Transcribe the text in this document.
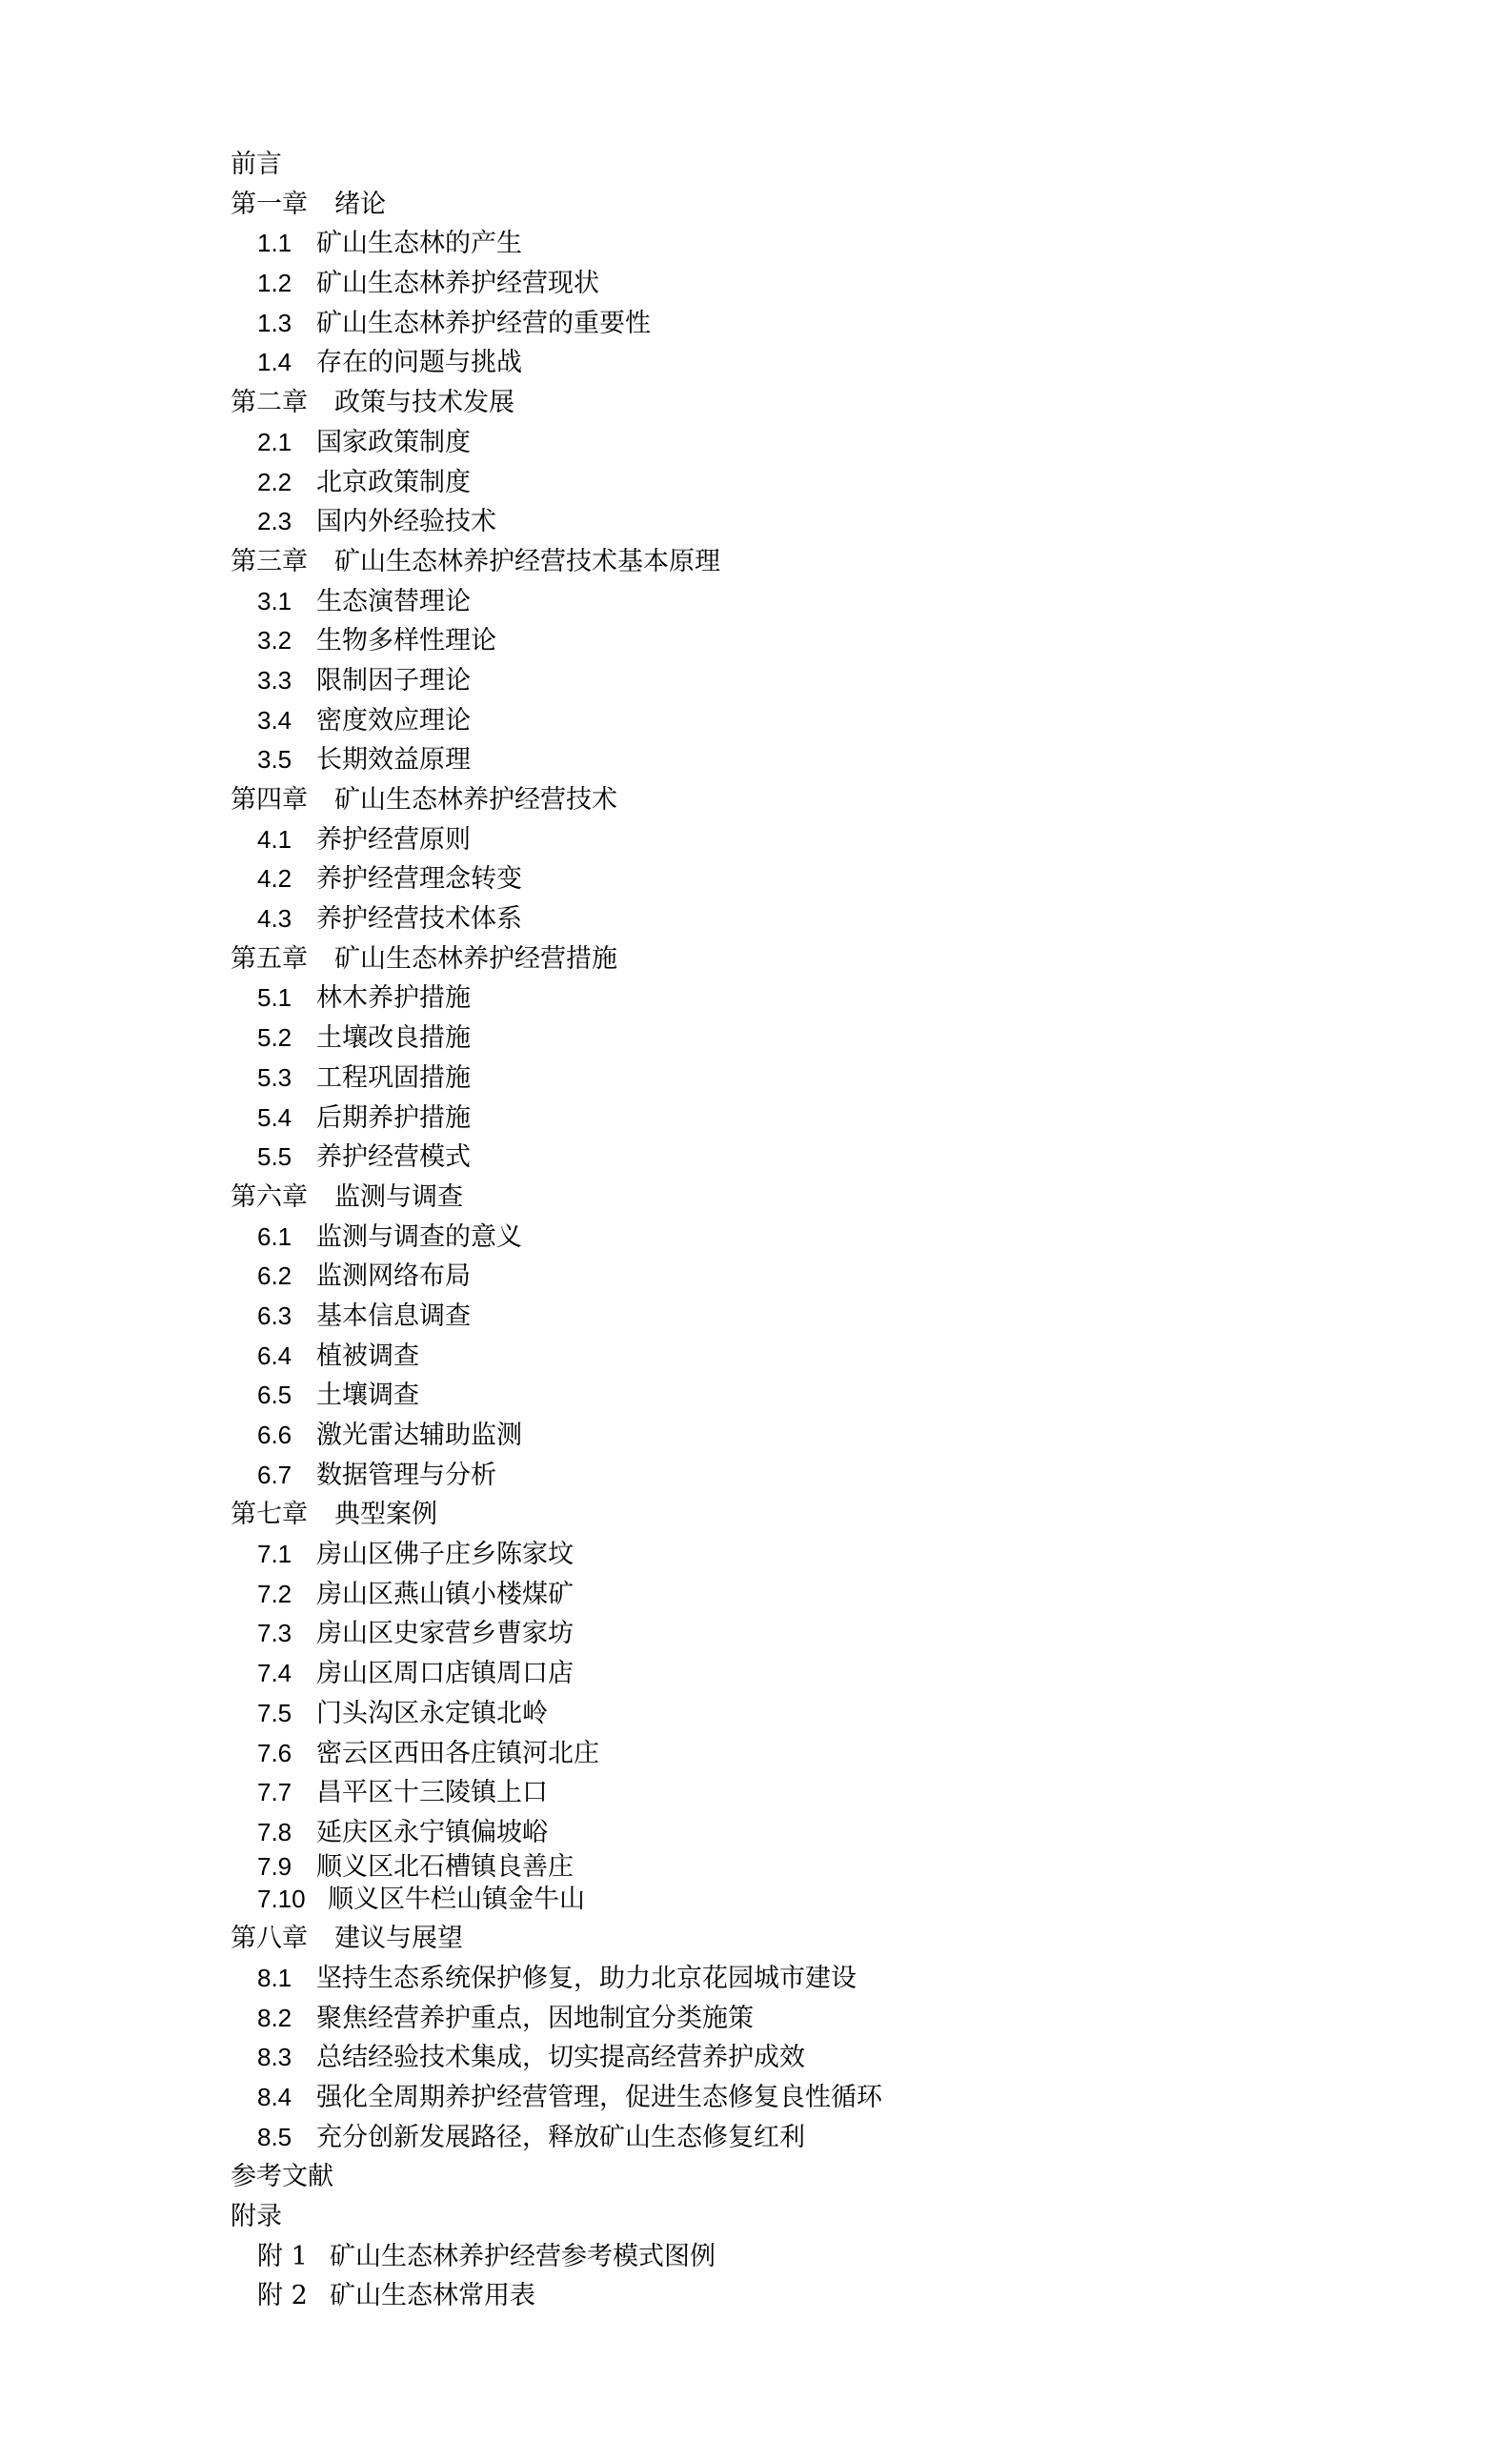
前言
第一章 绪论
1.1 矿山生态林的产生
1.2 矿山生态林养护经营现状
1.3 矿山生态林养护经营的重要性
1.4 存在的问题与挑战
第二章 政策与技术发展
2.1 国家政策制度
2.2 北京政策制度
2.3 国内外经验技术
第三章 矿山生态林养护经营技术基本原理
3.1 生态演替理论
3.2 生物多样性理论
3.3 限制因子理论
3.4 密度效应理论
3.5 长期效益原理
第四章 矿山生态林养护经营技术
4.1 养护经营原则
4.2 养护经营理念转变
4.3 养护经营技术体系
第五章 矿山生态林养护经营措施
5.1 林木养护措施
5.2 土壤改良措施
5.3 工程巩固措施
5.4 后期养护措施
5.5 养护经营模式
第六章 监测与调查
6.1 监测与调查的意义
6.2 监测网络布局
6.3 基本信息调查
6.4 植被调查
6.5 土壤调查
6.6 激光雷达辅助监测
6.7 数据管理与分析
第七章 典型案例
7.1 房山区佛子庄乡陈家坟
7.2 房山区燕山镇小楼煤矿
7.3 房山区史家营乡曹家坊
7.4 房山区周口店镇周口店
7.5 门头沟区永定镇北岭
7.6 密云区西田各庄镇河北庄
7.7 昌平区十三陵镇上口
7.8 延庆区永宁镇偏坡峪
7.9 顺义区北石槽镇良善庄
7.10 顺义区牛栏山镇金牛山
第八章 建议与展望
8.1 坚持生态系统保护修复，助力北京花园城市建设
8.2 聚焦经营养护重点，因地制宜分类施策
8.3 总结经验技术集成，切实提高经营养护成效
8.4 强化全周期养护经营管理，促进生态修复良性循环
8.5 充分创新发展路径，释放矿山生态修复红利
参考文献
附录
附 1 矿山生态林养护经营参考模式图例
附 2 矿山生态林常用表
